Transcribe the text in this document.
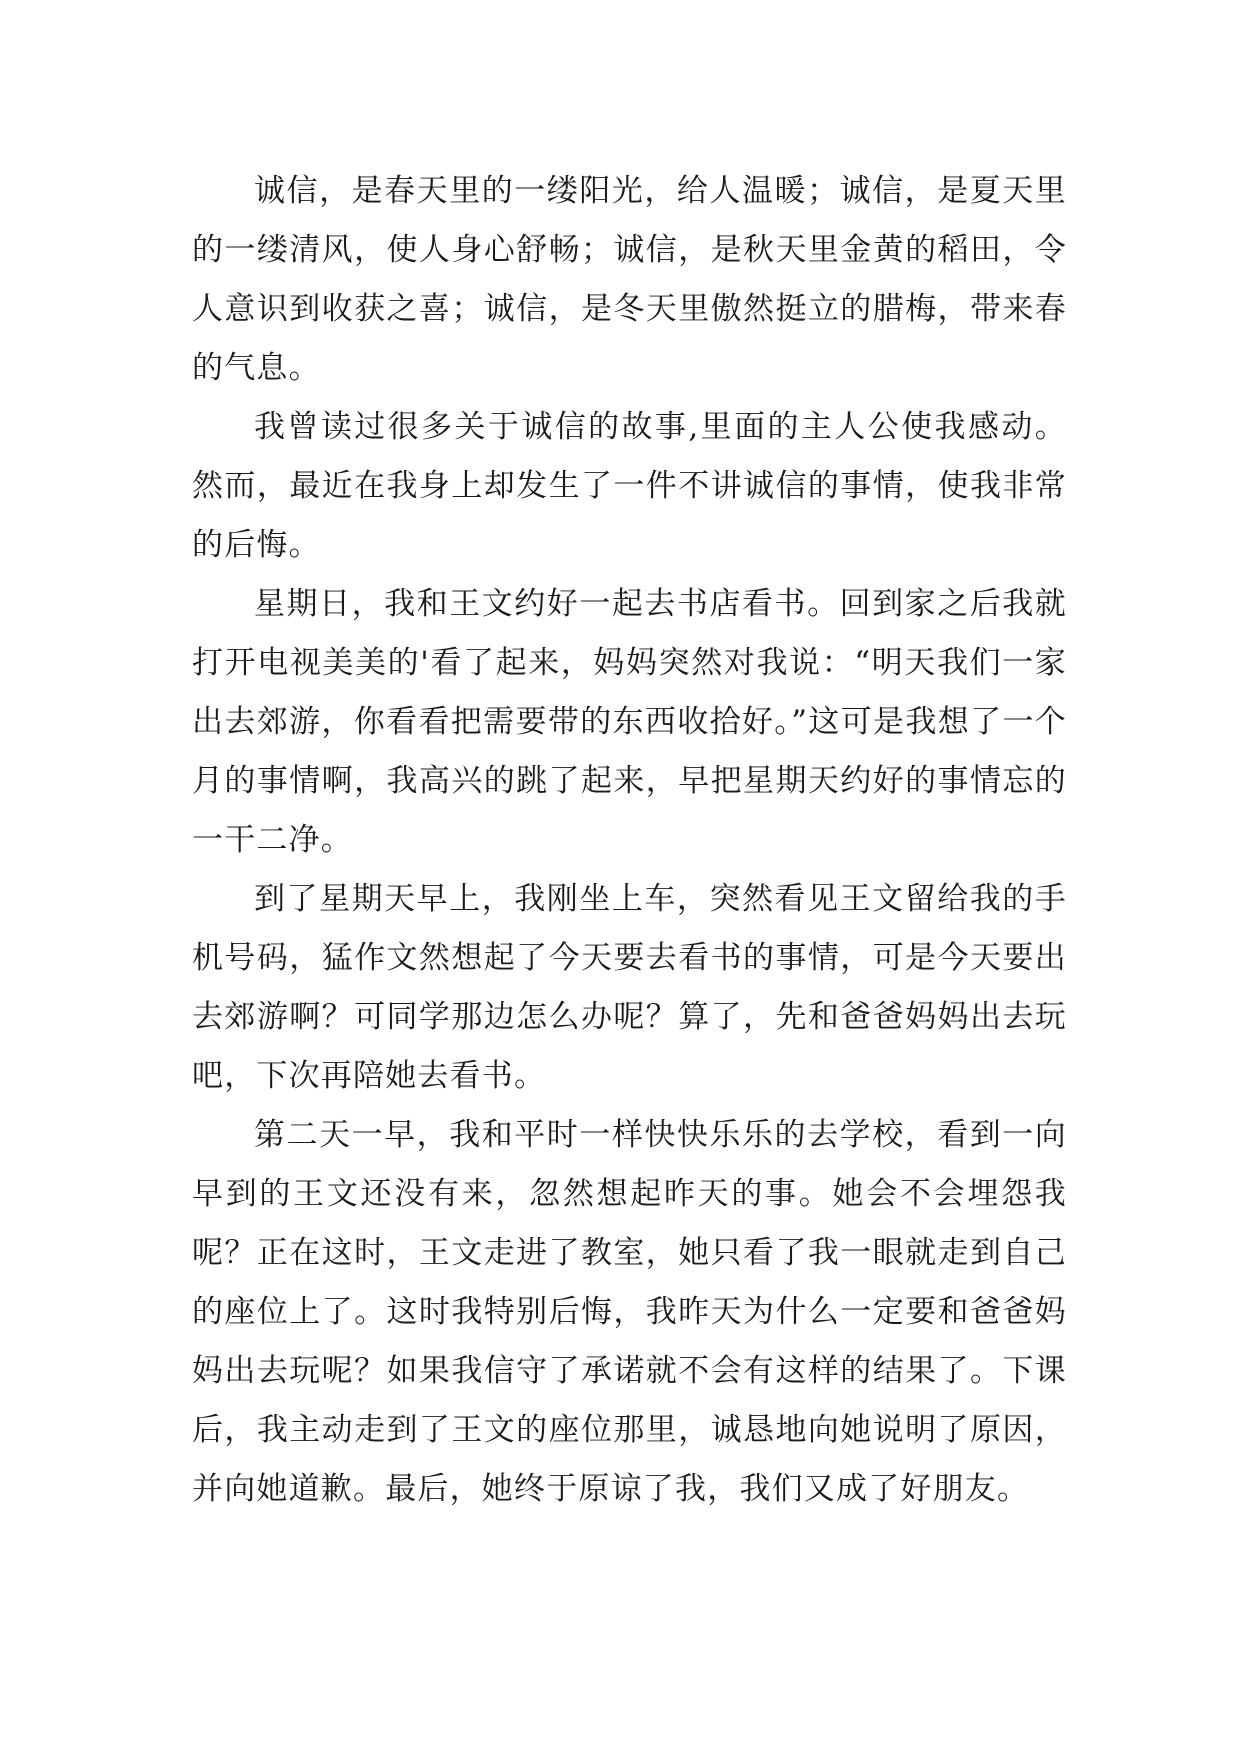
诚信，是春天里的一缕阳光，给人温暖；诚信，是夏天里的一缕清风，使人身心舒畅；诚信，是秋天里金黄的稻田，令人意识到收获之喜；诚信，是冬天里傲然挺立的腊梅，带来春的气息。

我曾读过很多关于诚信的故事,里面的主人公使我感动。然而，最近在我身上却发生了一件不讲诚信的事情，使我非常的后悔。

星期日，我和王文约好一起去书店看书。回到家之后我就打开电视美美的'看了起来，妈妈突然对我说：“明天我们一家出去郊游，你看看把需要带的东西收拾好。”这可是我想了一个月的事情啊，我高兴的跳了起来，早把星期天约好的事情忘的一干二净。

到了星期天早上，我刚坐上车，突然看见王文留给我的手机号码，猛作文然想起了今天要去看书的事情，可是今天要出去郊游啊？可同学那边怎么办呢？算了，先和爸爸妈妈出去玩吧，下次再陪她去看书。

第二天一早，我和平时一样快快乐乐的去学校，看到一向早到的王文还没有来，忽然想起昨天的事。她会不会埋怨我呢？正在这时，王文走进了教室，她只看了我一眼就走到自己的座位上了。这时我特别后悔，我昨天为什么一定要和爸爸妈妈出去玩呢？如果我信守了承诺就不会有这样的结果了。下课后，我主动走到了王文的座位那里，诚恳地向她说明了原因，并向她道歉。最后，她终于原谅了我，我们又成了好朋友。
